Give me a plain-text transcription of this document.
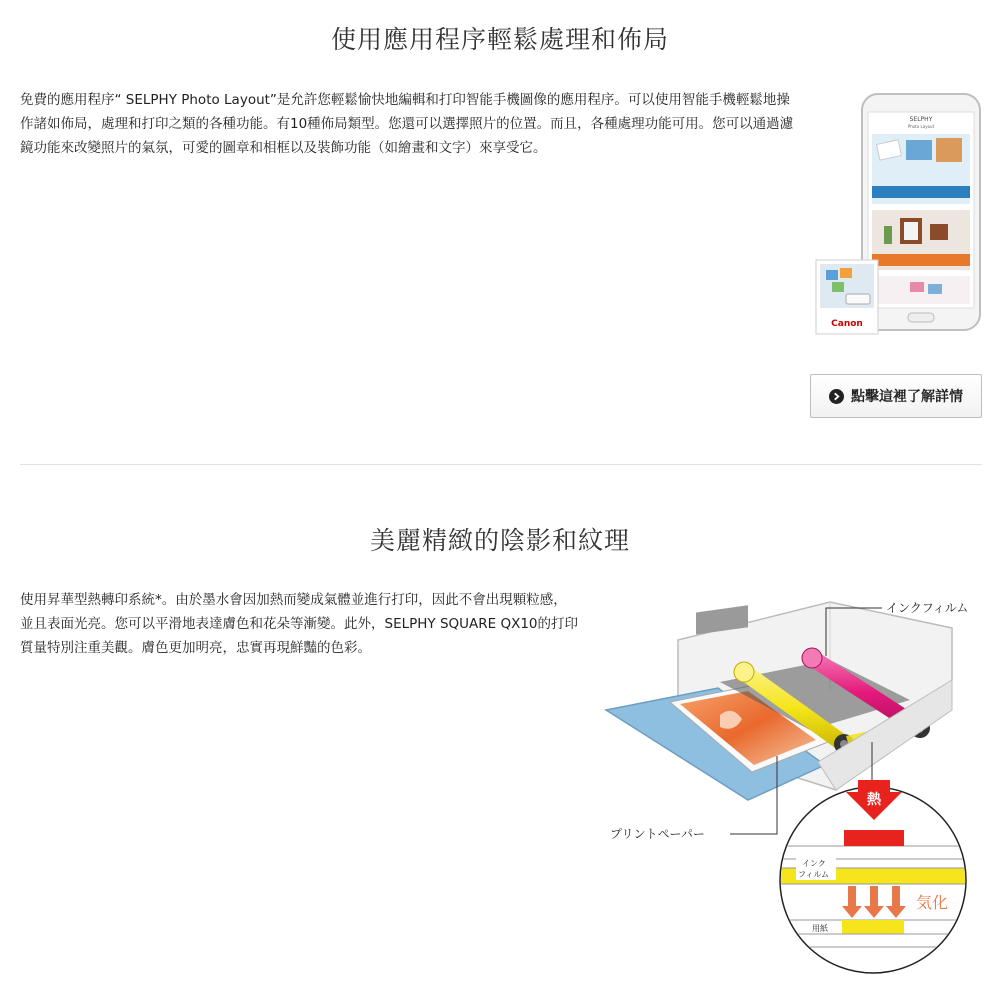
使用應用程序輕鬆處理和佈局

免費的應用程序“ SELPHY Photo Layout”是允許您輕鬆愉快地編輯和打印智能手機圖像的應用程序。可以使用智能手機輕鬆地操作諸如佈局，處理和打印之類的各種功能。有10種佈局類型。您還可以選擇照片的位置。而且，各種處理功能可用。您可以通過濾鏡功能來改變照片的氣氛，可愛的圖章和相框以及裝飾功能（如繪畫和文字）來享受它。

SELPHY
Photo Layout
Canon
點擊這裡了解詳情
美麗精緻的陰影和紋理

使用昇華型熱轉印系統*。由於墨水會因加熱而變成氣體並進行打印，因此不會出現顆粒感，並且表面光亮。您可以平滑地表達膚色和花朵等漸變。此外，SELPHY SQUARE QX10的打印質量特別注重美觀。膚色更加明亮，忠實再現鮮豔的色彩。

インクフィルム
プリントペーパー
熱
インク
フィルム
用紙
気化
